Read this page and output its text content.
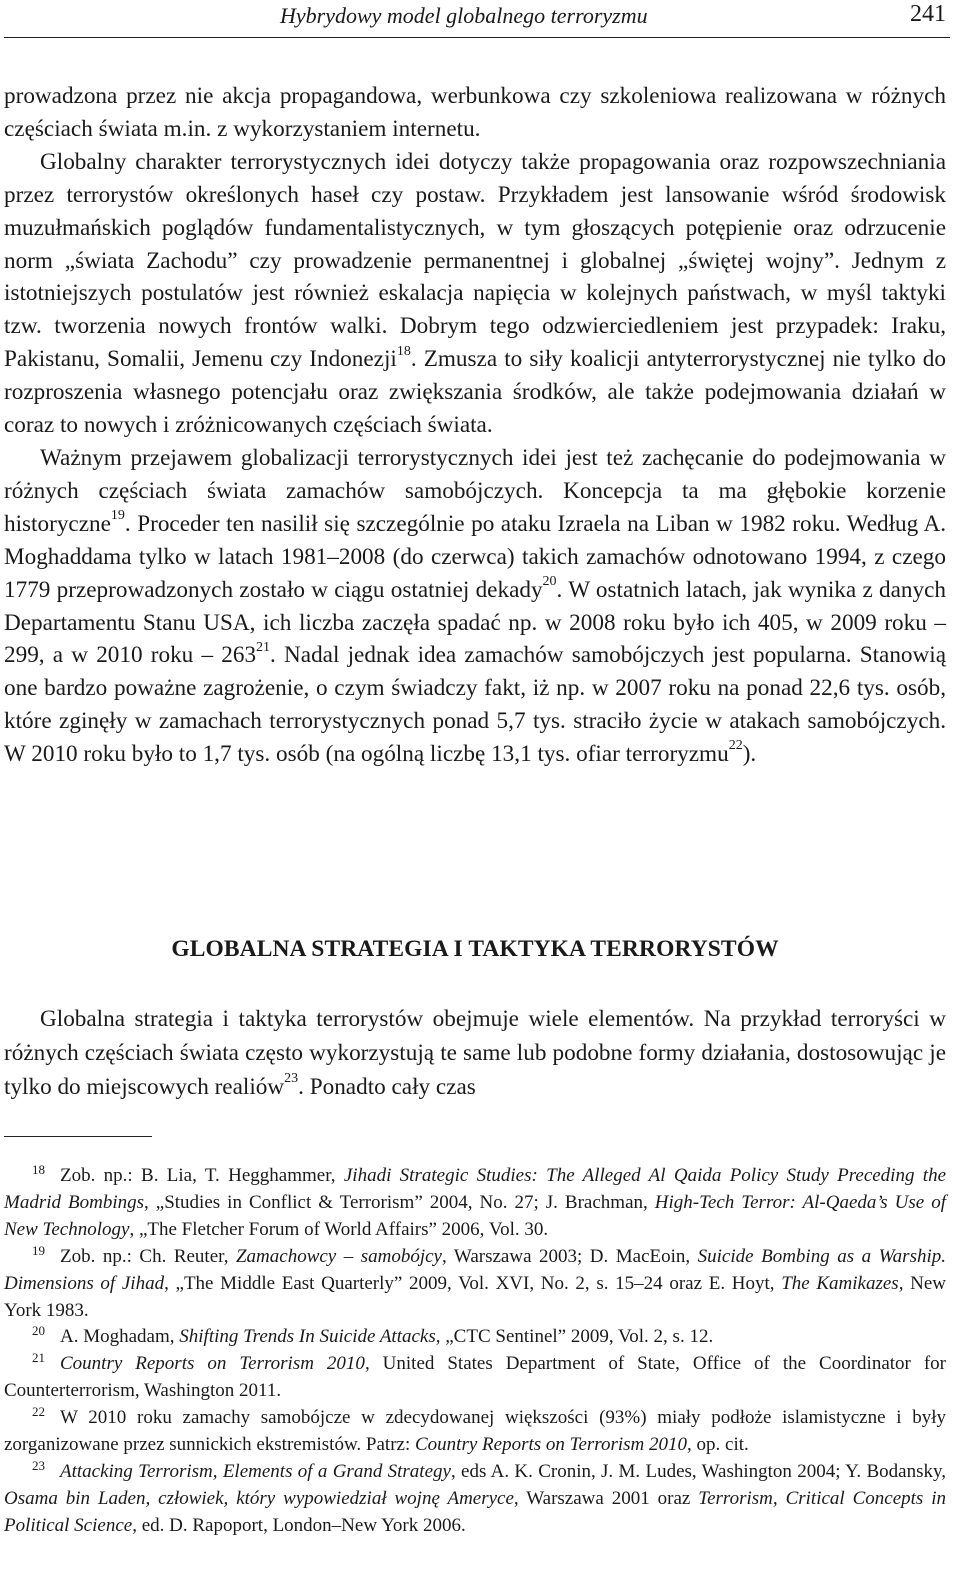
Hybrydowy model globalnego terroryzmu	241

prowadzona przez nie akcja propagandowa, werbunkowa czy szkoleniowa realizowana w różnych częściach świata m.in. z wykorzystaniem internetu.

Globalny charakter terrorystycznych idei dotyczy także propagowania oraz rozpowszechniania przez terrorystów określonych haseł czy postaw. Przykładem jest lansowanie wśród środowisk muzułmańskich poglądów fundamentalistycznych, w tym głoszących potępienie oraz odrzucenie norm „świata Zachodu” czy prowadzenie permanentnej i globalnej „świętej wojny”. Jednym z istotniejszych postulatów jest również eskalacja napięcia w kolejnych państwach, w myśl taktyki tzw. tworzenia nowych frontów walki. Dobrym tego odzwierciedleniem jest przypadek: Iraku, Pakistanu, Somalii, Jemenu czy Indonezji$^{18}$. Zmusza to siły koalicji antyterrorystycznej nie tylko do rozproszenia własnego potencjału oraz zwiększania środków, ale także podejmowania działań w coraz to nowych i zróżnicowanych częściach świata.

Ważnym przejawem globalizacji terrorystycznych idei jest też zachęcanie do podejmowania w różnych częściach świata zamachów samobójczych. Koncepcja ta ma głębokie korzenie historyczne$^{19}$. Proceder ten nasilił się szczególnie po ataku Izraela na Liban w 1982 roku. Według A. Moghaddama tylko w latach 1981–2008 (do czerwca) takich zamachów odnotowano 1994, z czego 1779 przeprowadzonych zostało w ciągu ostatniej dekady$^{20}$. W ostatnich latach, jak wynika z danych Departamentu Stanu USA, ich liczba zaczęła spadać np. w 2008 roku było ich 405, w 2009 roku – 299, a w 2010 roku – $263^{21}$. Nadal jednak idea zamachów samobójczych jest popularna. Stanowią one bardzo poważne zagrożenie, o czym świadczy fakt, iż np. w 2007 roku na ponad 22,6 tys. osób, które zginęły w zamachach terrorystycznych ponad 5,7 tys. straciło życie w atakach samobójczych. W 2010 roku było to 1,7 tys. osób (na ogólną liczbę 13,1 tys. ofiar terroryzmu$^{22}$).

GLOBALNA STRATEGIA I TAKTYKA TERRORYSTÓW

Globalna strategia i taktyka terrorystów obejmuje wiele elementów. Na przykład terroryści w różnych częściach świata często wykorzystują te same lub podobne formy działania, dostosowując je tylko do miejscowych realiów$^{23}$. Ponadto cały czas

18 Zob. np.: B. Lia, T. Hegghammer, Jihadi Strategic Studies: The Alleged Al Qaida Policy Study Preceding the Madrid Bombings, „Studies in Conflict & Terrorism” 2004, No. 27; J. Brachman, High-Tech Terror: Al-Qaeda’s Use of New Technology, „The Fletcher Forum of World Affairs” 2006, Vol. 30.

19 Zob. np.: Ch. Reuter, Zamachowcy – samobójcy, Warszawa 2003; D. MacEoin, Suicide Bombing as a Warship. Dimensions of Jihad, „The Middle East Quarterly” 2009, Vol. XVI, No. 2, s. 15–24 oraz E. Hoyt, The Kamikazes, New York 1983.

20 A. Moghadam, Shifting Trends In Suicide Attacks, „CTC Sentinel” 2009, Vol. 2, s. 12.

21 Country Reports on Terrorism 2010, United States Department of State, Office of the Coordinator for Counterterrorism, Washington 2011.

22 W 2010 roku zamachy samobójcze w zdecydowanej większości (93%) miały podłoże islamistyczne i były zorganizowane przez sunnickich ekstremistów. Patrz: Country Reports on Terrorism 2010, op. cit.

23 Attacking Terrorism, Elements of a Grand Strategy, eds A. K. Cronin, J. M. Ludes, Washington 2004; Y. Bodansky, Osama bin Laden, człowiek, który wypowiedział wojnę Ameryce, Warszawa 2001 oraz Terrorism, Critical Concepts in Political Science, ed. D. Rapoport, London–New York 2006.
